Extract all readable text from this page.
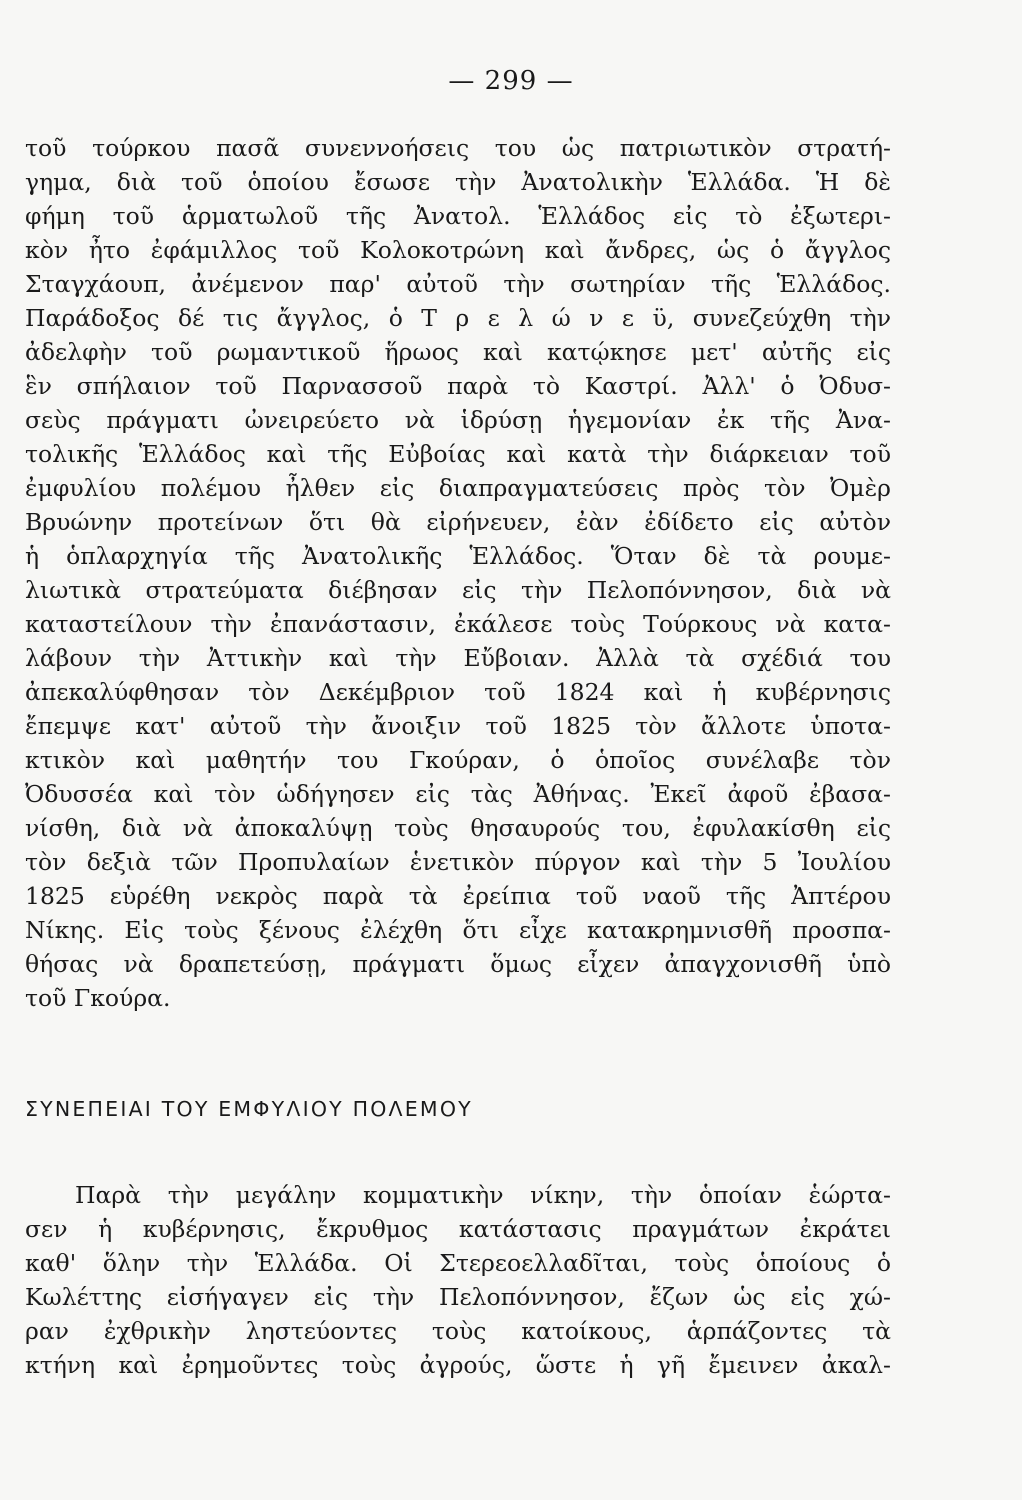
— 299 —
τοῦ τούρκου πασᾶ συνεννοήσεις του ὡς πατριωτικὸν στρατή-
γημα, διὰ τοῦ ὁποίου ἔσωσε τὴν Ἀνατολικὴν Ἑλλάδα. Ἡ δὲ
φήμη τοῦ ἁρματωλοῦ τῆς Ἀνατολ. Ἑλλάδος εἰς τὸ ἐξωτερι-
κὸν ἦτο ἐφάμιλλος τοῦ Κολοκοτρώνη καὶ ἄνδρες, ὡς ὁ ἄγγλος
Σταγχάουπ, ἀνέμενον παρ' αὐτοῦ τὴν σωτηρίαν τῆς Ἑλλάδος.
Παράδοξος δέ τις ἄγγλος, ὁ Τ ρ ε λ ώ ν ε ϋ, συνεζεύχθη τὴν
ἀδελφὴν τοῦ ρωμαντικοῦ ἥρωος καὶ κατῴκησε μετ' αὐτῆς εἰς
ἓν σπήλαιον τοῦ Παρνασσοῦ παρὰ τὸ Καστρί. Ἀλλ' ὁ Ὀδυσ-
σεὺς πράγματι ὠνειρεύετο νὰ ἱδρύσῃ ἡγεμονίαν ἐκ τῆς Ἀνα-
τολικῆς Ἑλλάδος καὶ τῆς Εὐβοίας καὶ κατὰ τὴν διάρκειαν τοῦ
ἐμφυλίου πολέμου ἦλθεν εἰς διαπραγματεύσεις πρὸς τὸν Ὀμὲρ
Βρυώνην προτείνων ὅτι θὰ εἰρήνευεν, ἐὰν ἐδίδετο εἰς αὐτὸν
ἡ ὁπλαρχηγία τῆς Ἀνατολικῆς Ἑλλάδος. Ὅταν δὲ τὰ ρουμε-
λιωτικὰ στρατεύματα διέβησαν εἰς τὴν Πελοπόννησον, διὰ νὰ
καταστείλουν τὴν ἐπανάστασιν, ἐκάλεσε τοὺς Τούρκους νὰ κατα-
λάβουν τὴν Ἀττικὴν καὶ τὴν Εὔβοιαν. Ἀλλὰ τὰ σχέδιά του
ἀπεκαλύφθησαν τὸν Δεκέμβριον τοῦ 1824 καὶ ἡ κυβέρνησις
ἔπεμψε κατ' αὐτοῦ τὴν ἄνοιξιν τοῦ 1825 τὸν ἄλλοτε ὑποτα-
κτικὸν καὶ μαθητήν του Γκούραν, ὁ ὁποῖος συνέλαβε τὸν
Ὀδυσσέα καὶ τὸν ὡδήγησεν εἰς τὰς Ἀθήνας. Ἐκεῖ ἀφοῦ ἐβασα-
νίσθη, διὰ νὰ ἀποκαλύψῃ τοὺς θησαυρούς του, ἐφυλακίσθη εἰς
τὸν δεξιὰ τῶν Προπυλαίων ἑνετικὸν πύργον καὶ τὴν 5 Ἰουλίου
1825 εὑρέθη νεκρὸς παρὰ τὰ ἐρείπια τοῦ ναοῦ τῆς Ἀπτέρου
Νίκης. Εἰς τοὺς ξένους ἐλέχθη ὅτι εἶχε κατακρημνισθῆ προσπα-
θήσας νὰ δραπετεύσῃ, πράγματι ὅμως εἶχεν ἀπαγχονισθῆ ὑπὸ
τοῦ Γκούρα.
ΣΥΝΕΠΕΙΑΙ ΤΟΥ ΕΜΦΥΛΙΟΥ ΠΟΛΕΜΟΥ
Παρὰ τὴν μεγάλην κομματικὴν νίκην, τὴν ὁποίαν ἑώρτα-
σεν ἡ κυβέρνησις, ἔκρυθμος κατάστασις πραγμάτων ἐκράτει
καθ' ὅλην τὴν Ἑλλάδα. Οἱ Στερεοελλαδῖται, τοὺς ὁποίους ὁ
Κωλέττης εἰσήγαγεν εἰς τὴν Πελοπόννησον, ἔζων ὡς εἰς χώ-
ραν ἐχθρικὴν ληστεύοντες τοὺς κατοίκους, ἁρπάζοντες τὰ
κτήνη καὶ ἐρημοῦντες τοὺς ἀγρούς, ὥστε ἡ γῆ ἔμεινεν ἀκαλ-
